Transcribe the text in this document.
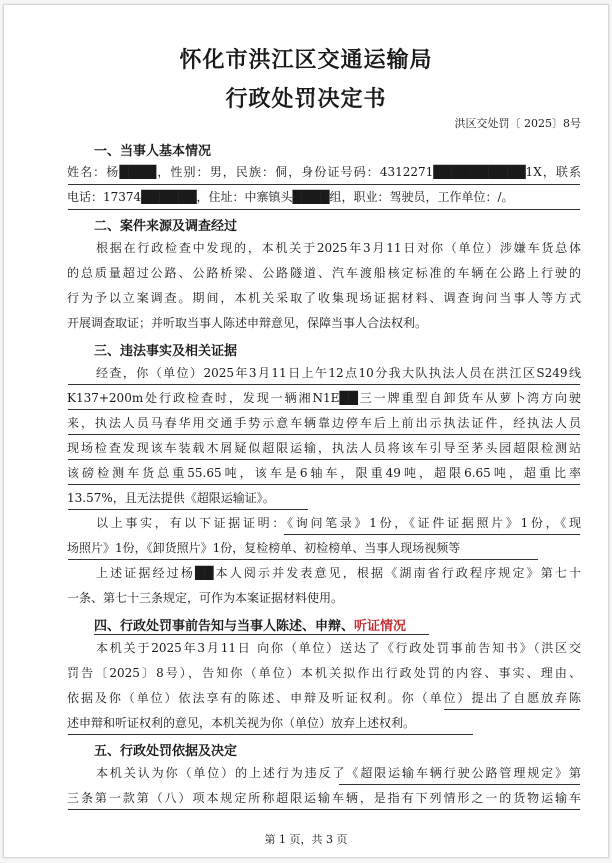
怀化市洪江区交通运输局
行政处罚决定书
洪区交处罚〔 2025〕8号
一、当事人基本情况
姓名：杨████，性别：男，民族：侗，身份证号码：4312271██████████1X，联系
电话：17374██████，住址：中寨镇头████组，职业：驾驶员，工作单位：/。
二、案件来源及调查经过
根据在行政检查中发现的，本机关于2025年3月11日对你（单位）涉嫌车货总体
的总质量超过公路、公路桥梁、公路隧道、汽车渡船核定标准的车辆在公路上行驶的
行为予以立案调查。期间，本机关采取了收集现场证据材料、调查询问当事人等方式
开展调查取证；并听取当事人陈述申辩意见，保障当事人合法权利。
三、违法事实及相关证据
经查，你（单位）2025年3月11日上午12点10分我大队执法人员在洪江区S249线
K137+200m处行政检查时，发现一辆湘N1E██三一牌重型自卸货车从萝卜湾方向驶
来，执法人员马春华用交通手势示意车辆靠边停车后上前出示执法证件，经执法人员
现场检查发现该车装载木屑疑似超限运输，执法人员将该车引导至茅头园超限检测站
该磅检测车货总重55.65吨，该车是6轴车，限重49吨，超限6.65吨，超重比率
13.57%，且无法提供《超限运输证》。
以上事实，有以下证据证明：《询问笔录》1份，《证件证据照片》1份，《现
场照片》1份，《卸货照片》1份，复检榜单、初检榜单、当事人现场视频等
上述证据经过杨██本人阅示并发表意见，根据《湖南省行政程序规定》第七十
一条、第七十三条规定，可作为本案证据材料使用。
四、行政处罚事前告知与当事人陈述、申辩、听证情况
本机关于2025年3月11日 向你（单位）送达了《行政处罚事前告知书》（洪区交
罚告〔2025〕8号），告知你（单位）本机关拟作出行政处罚的内容、事实、理由、
依据及你（单位）依法享有的陈述、申辩及听证权利。你（单位）提出了自愿放弃陈
述申辩和听证权利的意见，本机关视为你（单位）放弃上述权利。
五、行政处罚依据及决定
本机关认为你（单位）的上述行为违反了《超限运输车辆行驶公路管理规定》第
三条第一款第（八）项本规定所称超限运输车辆，是指有下列情形之一的货物运输车
第 1 页，共 3 页
